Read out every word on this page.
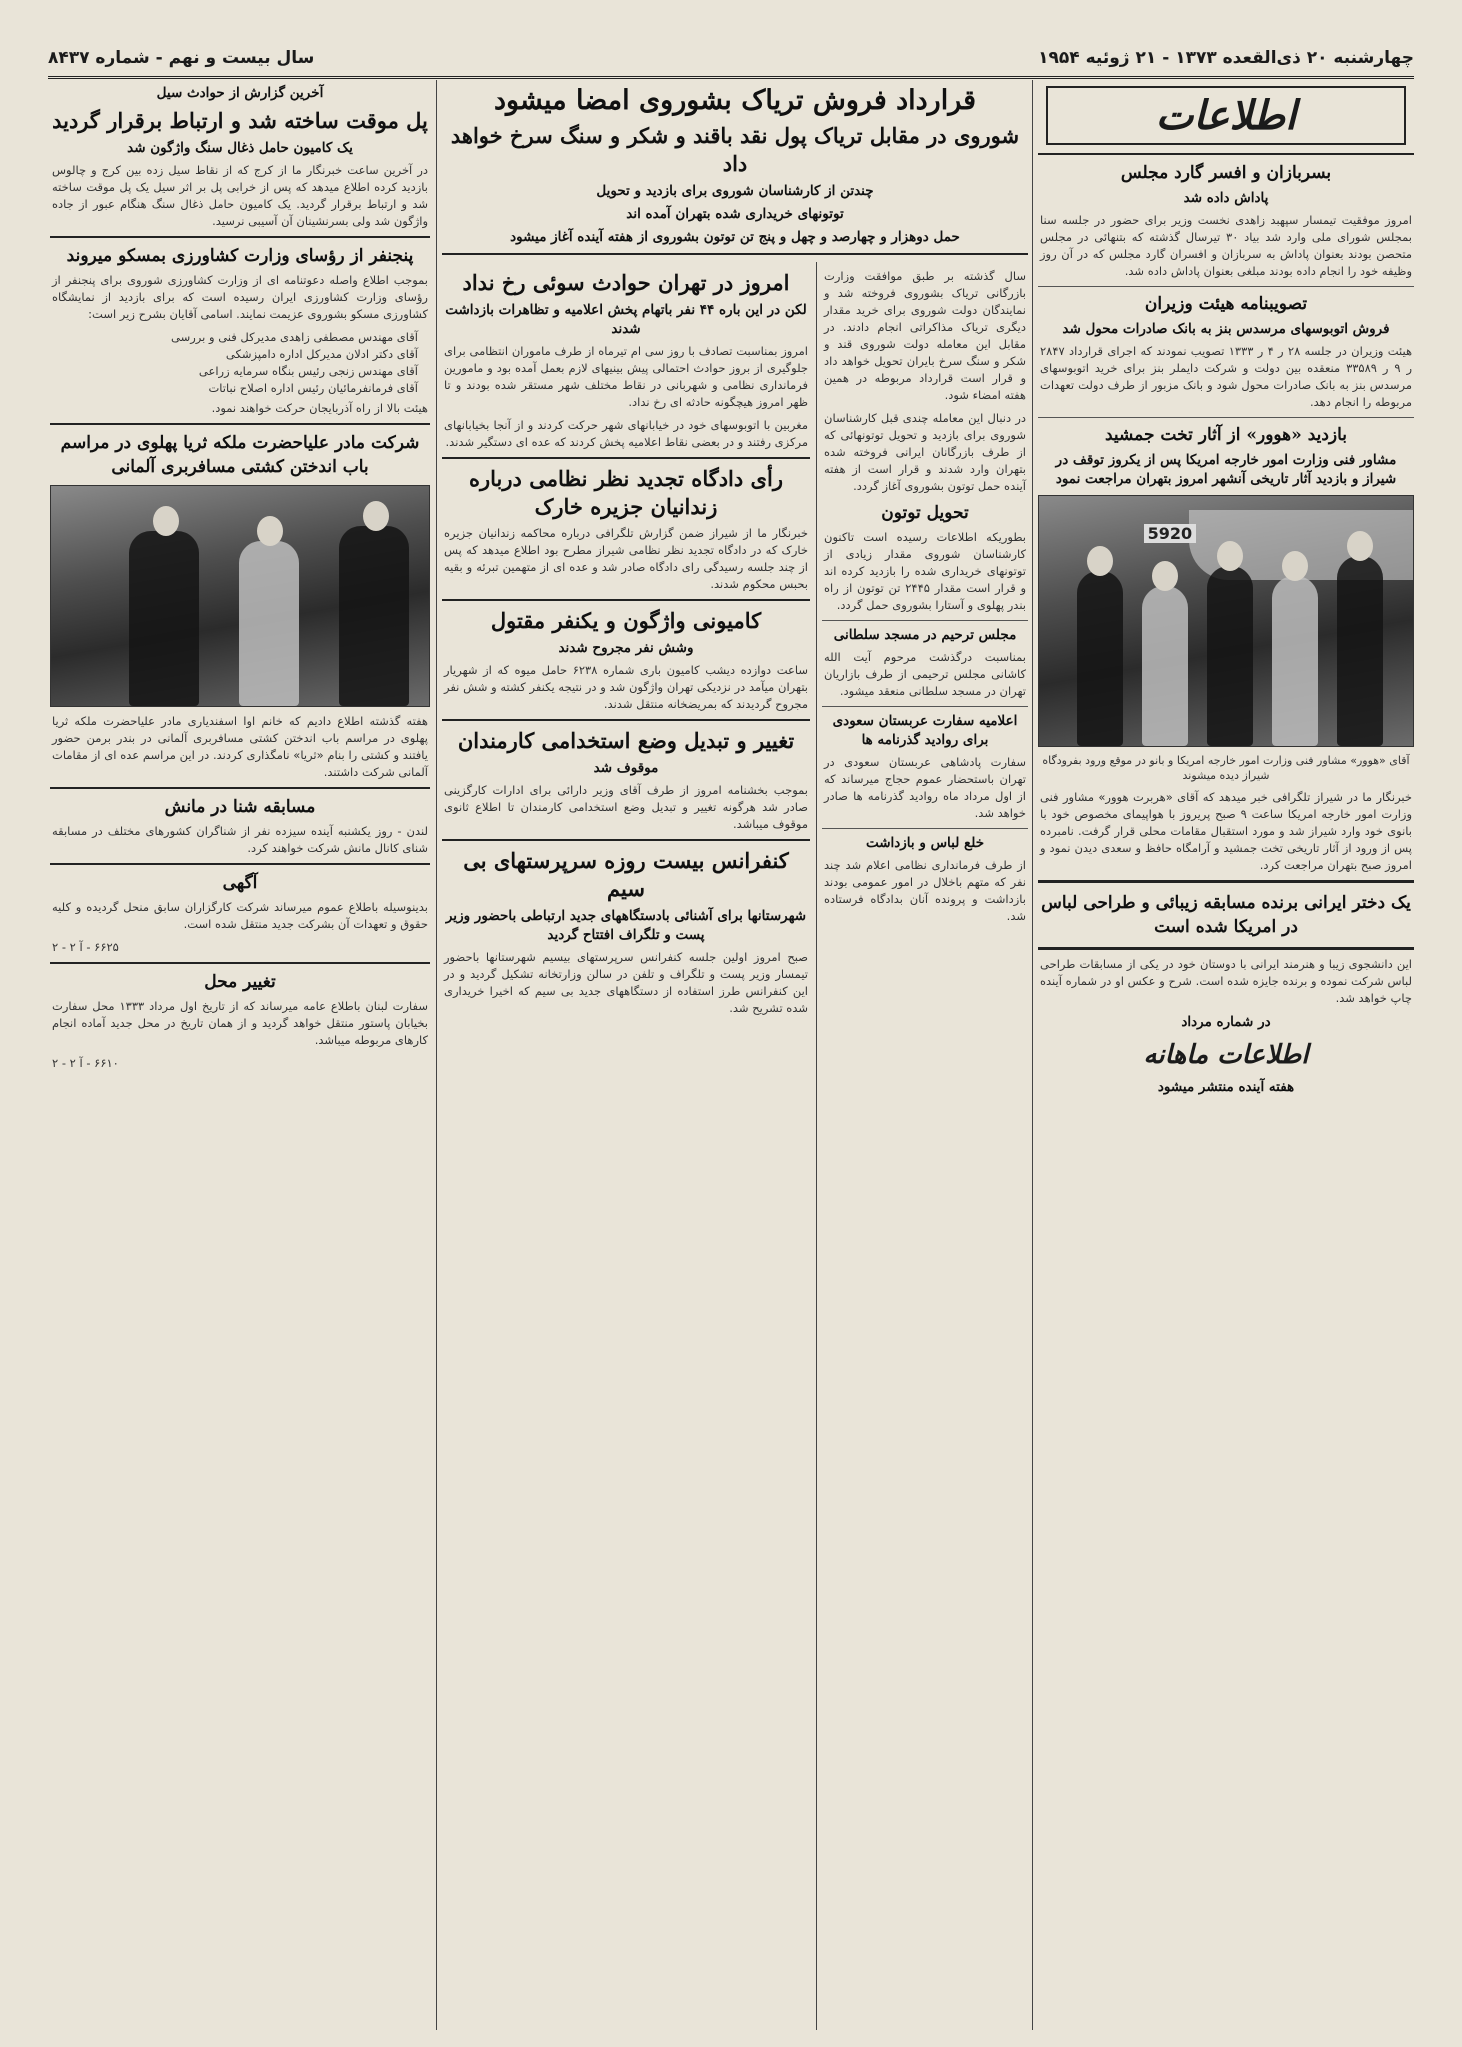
چهارشنبه ۲۰ ذی‌القعده ۱۳۷۳ - ۲۱ ژوئیه ۱۹۵۴
سال بیست و نهم - شماره ۸۴۳۷
اطلاعات
بسربازان و افسر گارد مجلس
پاداش داده شد
امروز موفقیت تیمسار سپهبد زاهدی نخست وزیر برای حضور در جلسه سنا بمجلس شورای ملی وارد شد بیاد ۳۰ تیرسال گذشته که بتنهائی در مجلس متحصن بودند بعنوان پاداش به سربازان و افسران گارد مجلس که در آن روز وظیفه خود را انجام داده بودند مبلغی بعنوان پاداش داده شد.
تصویبنامه هیئت وزیران
فروش اتوبوسهای مرسدس بنز به بانک صادرات محول شد
هیئت وزیران در جلسه ۲۸ ر ۴ ر ۱۳۳۳ تصویب نمودند که اجرای قرارداد ۲۸۴۷ ر ۹ ر ۳۳۵۸۹ منعقده بین دولت و شرکت دایملر بنز برای خرید اتوبوسهای مرسدس بنز به بانک صادرات محول شود و بانک مزبور از طرف دولت تعهدات مربوطه را انجام دهد.
بازدید «هوور» از آثار تخت جمشید
مشاور فنی وزارت امور خارجه امریکا پس از یکروز توقف در شیراز و بازدید آثار تاریخی آنشهر امروز بتهران مراجعت نمود
5920
آقای «هوور» مشاور فنی وزارت امور خارجه امریکا و بانو در موقع ورود بفرودگاه شیراز دیده میشوند
خبرنگار ما در شیراز تلگرافی خبر میدهد که آقای «هربرت هوور» مشاور فنی وزارت امور خارجه امریکا ساعت ۹ صبح پریروز با هواپیمای مخصوص خود با بانوی خود وارد شیراز شد و مورد استقبال مقامات محلی قرار گرفت. نامبرده پس از ورود از آثار تاریخی تخت جمشید و آرامگاه حافظ و سعدی دیدن نمود و امروز صبح بتهران مراجعت کرد.
یک دختر ایرانی برنده مسابقه زیبائی و طراحی لباس در امریکا شده است
این دانشجوی زیبا و هنرمند ایرانی با دوستان خود در یکی از مسابقات طراحی لباس شرکت نموده و برنده جایزه شده است. شرح و عکس او در شماره آینده چاپ خواهد شد.
در شماره مرداد
اطلاعات ماهانه
هفته آینده منتشر میشود
قرارداد فروش تریاک بشوروی امضا میشود
شوروی در مقابل تریاک پول نقد باقند و شکر و سنگ سرخ خواهد داد
چندتن از کارشناسان شوروی برای بازدید و تحویل
توتونهای خریداری شده بتهران آمده اند
حمل دوهزار و چهارصد و چهل و پنج تن توتون بشوروی از هفته آینده آغاز میشود
سال گذشته بر طبق موافقت وزارت بازرگانی تریاک بشوروی فروخته شد و نمایندگان دولت شوروی برای خرید مقدار دیگری تریاک مذاکراتی انجام دادند. در مقابل این معامله دولت شوروی قند و شکر و سنگ سرخ بایران تحویل خواهد داد و قرار است قرارداد مربوطه در همین هفته امضاء شود.
در دنبال این معامله چندی قبل کارشناسان شوروی برای بازدید و تحویل توتونهائی که از طرف بازرگانان ایرانی فروخته شده بتهران وارد شدند و قرار است از هفته آینده حمل توتون بشوروی آغاز گردد.
تحویل توتون
بطوریکه اطلاعات رسیده است تاکنون کارشناسان شوروی مقدار زیادی از توتونهای خریداری شده را بازدید کرده اند و قرار است مقدار ۲۴۴۵ تن توتون از راه بندر پهلوی و آستارا بشوروی حمل گردد.
مجلس ترحیم در مسجد سلطانی
بمناسبت درگذشت مرحوم آیت الله کاشانی مجلس ترحیمی از طرف بازاریان تهران در مسجد سلطانی منعقد میشود.
اعلامیه سفارت عربستان سعودی برای روادید گذرنامه ها
سفارت پادشاهی عربستان سعودی در تهران باستحضار عموم حجاج میرساند که از اول مرداد ماه روادید گذرنامه ها صادر خواهد شد.
خلع لباس و بازداشت
از طرف فرمانداری نظامی اعلام شد چند نفر که متهم باخلال در امور عمومی بودند بازداشت و پرونده آنان بدادگاه فرستاده شد.
امروز در تهران حوادث سوئی رخ نداد
لکن در این باره ۴۴ نفر باتهام پخش اعلامیه و تظاهرات بازداشت شدند
امروز بمناسبت تصادف با روز سی ام تیرماه از طرف ماموران انتظامی برای جلوگیری از بروز حوادث احتمالی پیش بینیهای لازم بعمل آمده بود و مامورین فرمانداری نظامی و شهربانی در نقاط مختلف شهر مستقر شده بودند و تا ظهر امروز هیچگونه حادثه ای رخ نداد.
مغربین با اتوبوسهای خود در خیابانهای شهر حرکت کردند و از آنجا بخیابانهای مرکزی رفتند و در بعضی نقاط اعلامیه پخش کردند که عده ای دستگیر شدند.
رأی دادگاه تجدید نظر نظامی درباره زندانیان جزیره خارک
خبرنگار ما از شیراز ضمن گزارش تلگرافی درباره محاکمه زندانیان جزیره خارک که در دادگاه تجدید نظر نظامی شیراز مطرح بود اطلاع میدهد که پس از چند جلسه رسیدگی رای دادگاه صادر شد و عده ای از متهمین تبرئه و بقیه بحبس محکوم شدند.
کامیونی واژگون و یکنفر مقتول
وشش نفر مجروح شدند
ساعت دوازده دیشب کامیون باری شماره ۶۲۳۸ حامل میوه که از شهریار بتهران میآمد در نزدیکی تهران واژگون شد و در نتیجه یکنفر کشته و شش نفر مجروح گردیدند که بمریضخانه منتقل شدند.
تغییر و تبدیل وضع استخدامی کارمندان
موقوف شد
بموجب بخشنامه امروز از طرف آقای وزیر دارائی برای ادارات کارگزینی صادر شد هرگونه تغییر و تبدیل وضع استخدامی کارمندان تا اطلاع ثانوی موقوف میباشد.
کنفرانس بیست روزه سرپرستهای بی سیم
شهرستانها برای آشنائی بادستگاههای جدید ارتباطی باحضور وزیر پست و تلگراف افتتاح گردید
صبح امروز اولین جلسه کنفرانس سرپرستهای بیسیم شهرستانها باحضور تیمسار وزیر پست و تلگراف و تلفن در سالن وزارتخانه تشکیل گردید و در این کنفرانس طرز استفاده از دستگاههای جدید بی سیم که اخیرا خریداری شده تشریح شد.
آخرین گزارش از حوادث سیل
پل موقت ساخته شد و ارتباط برقرار گردید
یک کامیون حامل ذغال سنگ واژگون شد
در آخرین ساعت خبرنگار ما از کرج که از نقاط سیل زده بین کرج و چالوس بازدید کرده اطلاع میدهد که پس از خرابی پل بر اثر سیل یک پل موقت ساخته شد و ارتباط برقرار گردید. یک کامیون حامل ذغال سنگ هنگام عبور از جاده واژگون شد ولی بسرنشینان آن آسیبی نرسید.
پنجنفر از رؤسای وزارت کشاورزی بمسکو میروند
بموجب اطلاع واصله دعوتنامه ای از وزارت کشاورزی شوروی برای پنجنفر از رؤسای وزارت کشاورزی ایران رسیده است که برای بازدید از نمایشگاه کشاورزی مسکو بشوروی عزیمت نمایند. اسامی آقایان بشرح زیر است:
آقای مهندس مصطفی زاهدی مدیرکل فنی و بررسی
آقای دکتر ادلان مدیرکل اداره دامپزشکی
آقای مهندس زنجی رئیس بنگاه سرمایه زراعی
آقای فرمانفرمائیان رئیس اداره اصلاح نباتات
هیئت بالا از راه آذربایجان حرکت خواهند نمود.
شرکت مادر علیاحضرت ملکه ثریا پهلوی در مراسم باب اندختن کشتی مسافربری آلمانی
هفته گذشته اطلاع دادیم که خانم اوا اسفندیاری مادر علیاحضرت ملکه ثریا پهلوی در مراسم باب اندختن کشتی مسافربری آلمانی در بندر برمن حضور یافتند و کشتی را بنام «ثریا» نامگذاری کردند. در این مراسم عده ای از مقامات آلمانی شرکت داشتند.
مسابقه شنا در مانش
لندن - روز یکشنبه آینده سیزده نفر از شناگران کشورهای مختلف در مسابقه شنای کانال مانش شرکت خواهند کرد.
آگهی
بدینوسیله باطلاع عموم میرساند شرکت کارگزاران سابق منحل گردیده و کلیه حقوق و تعهدات آن بشرکت جدید منتقل شده است.
۶۶۲۵ - آ ۲ - ۲
تغییر محل
سفارت لبنان باطلاع عامه میرساند که از تاریخ اول مرداد ۱۳۳۳ محل سفارت بخیابان پاستور منتقل خواهد گردید و از همان تاریخ در محل جدید آماده انجام کارهای مربوطه میباشد.
۶۶۱۰ - آ ۲ - ۲
